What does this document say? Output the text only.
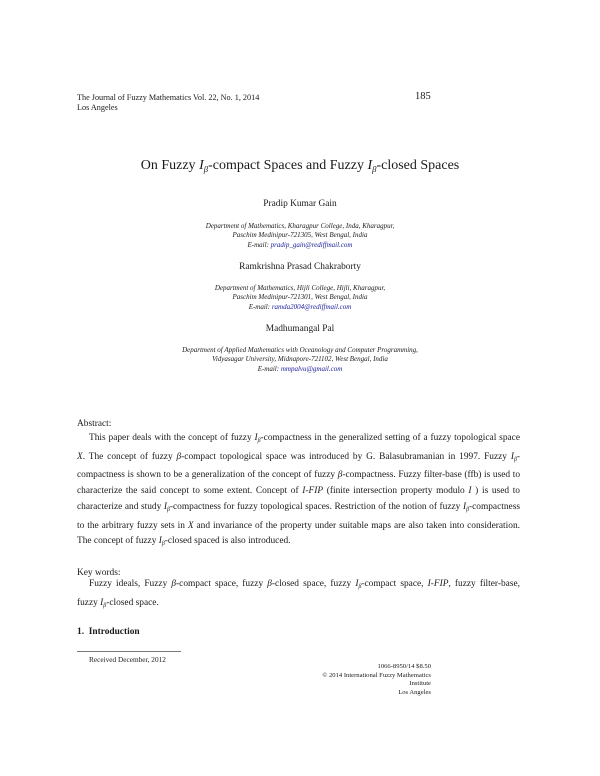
The Journal of Fuzzy Mathematics Vol. 22, No. 1, 2014
Los Angeles
185
On Fuzzy $I_\beta$-compact Spaces and Fuzzy $I_\beta$-closed Spaces
Pradip Kumar Gain
Department of Mathematics, Kharagpur College, Inda, Kharagpur,
Paschim Medinipur-721305, West Bengal, India
E-mail: pradip_gain@rediffmail.com
Ramkrishna Prasad Chakraborty
Department of Mathematics, Hijli College, Hijli, Kharagpur,
Paschim Medinipur-721301, West Bengal, India
E-mail: ramda2004@rediffmail.com
Madhumangal Pal
Department of Applied Mathematics with Oceanology and Computer Programming,
Vidyasagar University, Midnapore-721102, West Bengal, India
E-mail: mmpalvu@gmail.com
Abstract:

This paper deals with the concept of fuzzy $I_\beta$-compactness in the generalized setting of a fuzzy topological space X. The concept of fuzzy β-compact topological space was introduced by G. Balasubramanian in 1997. Fuzzy $I_\beta$-compactness is shown to be a generalization of the concept of fuzzy β-compactness. Fuzzy filter-base (ffb) is used to characterize the said concept to some extent. Concept of I-FIP (finite intersection property modulo I ) is used to characterize and study $I_\beta$-compactness for fuzzy topological spaces. Restriction of the notion of fuzzy $I_\beta$-compactness to the arbitrary fuzzy sets in X and invariance of the property under suitable maps are also taken into consideration. The concept of fuzzy $I_\beta$-closed spaced is also introduced.

Key words:

Fuzzy ideals, Fuzzy β-compact space, fuzzy β-closed space, fuzzy $I_\beta$-compact space, I-FIP, fuzzy filter-base, fuzzy $I_\beta$-closed space.

1. Introduction
Received December, 2012
1066-8950/14 $8.50
© 2014 International Fuzzy Mathematics Institute
Los Angeles
